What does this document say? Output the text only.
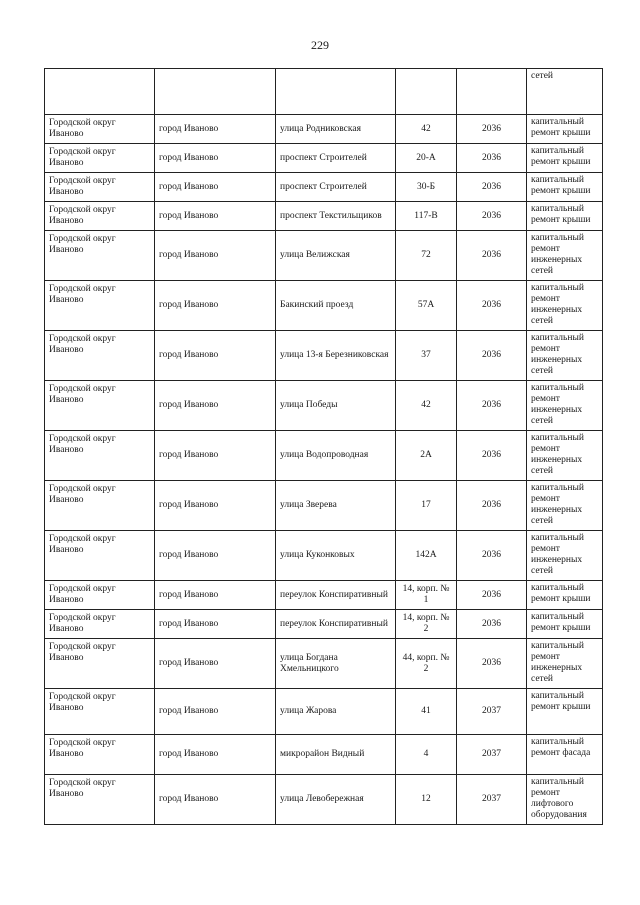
229
					сетей
Городской округ Иваново	город Иваново	улица Родниковская	42	2036	капитальный ремонт крыши
Городской округ Иваново	город Иваново	проспект Строителей	20-А	2036	капитальный ремонт крыши
Городской округ Иваново	город Иваново	проспект Строителей	30-Б	2036	капитальный ремонт крыши
Городской округ Иваново	город Иваново	проспект Текстильщиков	117-В	2036	капитальный ремонт крыши
Городской округ Иваново	город Иваново	улица Велижская	72	2036	капитальный ремонт инженерных сетей
Городской округ Иваново	город Иваново	Бакинский проезд	57А	2036	капитальный ремонт инженерных сетей
Городской округ Иваново	город Иваново	улица 13-я Березниковская	37	2036	капитальный ремонт инженерных сетей
Городской округ Иваново	город Иваново	улица Победы	42	2036	капитальный ремонт инженерных сетей
Городской округ Иваново	город Иваново	улица Водопроводная	2А	2036	капитальный ремонт инженерных сетей
Городской округ Иваново	город Иваново	улица Зверева	17	2036	капитальный ремонт инженерных сетей
Городской округ Иваново	город Иваново	улица Куконковых	142А	2036	капитальный ремонт инженерных сетей
Городской округ Иваново	город Иваново	переулок Конспиративный	14, корп. № 1	2036	капитальный ремонт крыши
Городской округ Иваново	город Иваново	переулок Конспиративный	14, корп. № 2	2036	капитальный ремонт крыши
Городской округ Иваново	город Иваново	улица Богдана Хмельницкого	44, корп. № 2	2036	капитальный ремонт инженерных сетей
Городской округ Иваново	город Иваново	улица Жарова	41	2037	капитальный ремонт крыши
Городской округ Иваново	город Иваново	микрорайон Видный	4	2037	капитальный ремонт фасада
Городской округ Иваново	город Иваново	улица Левобережная	12	2037	капитальный ремонт лифтового оборудования
